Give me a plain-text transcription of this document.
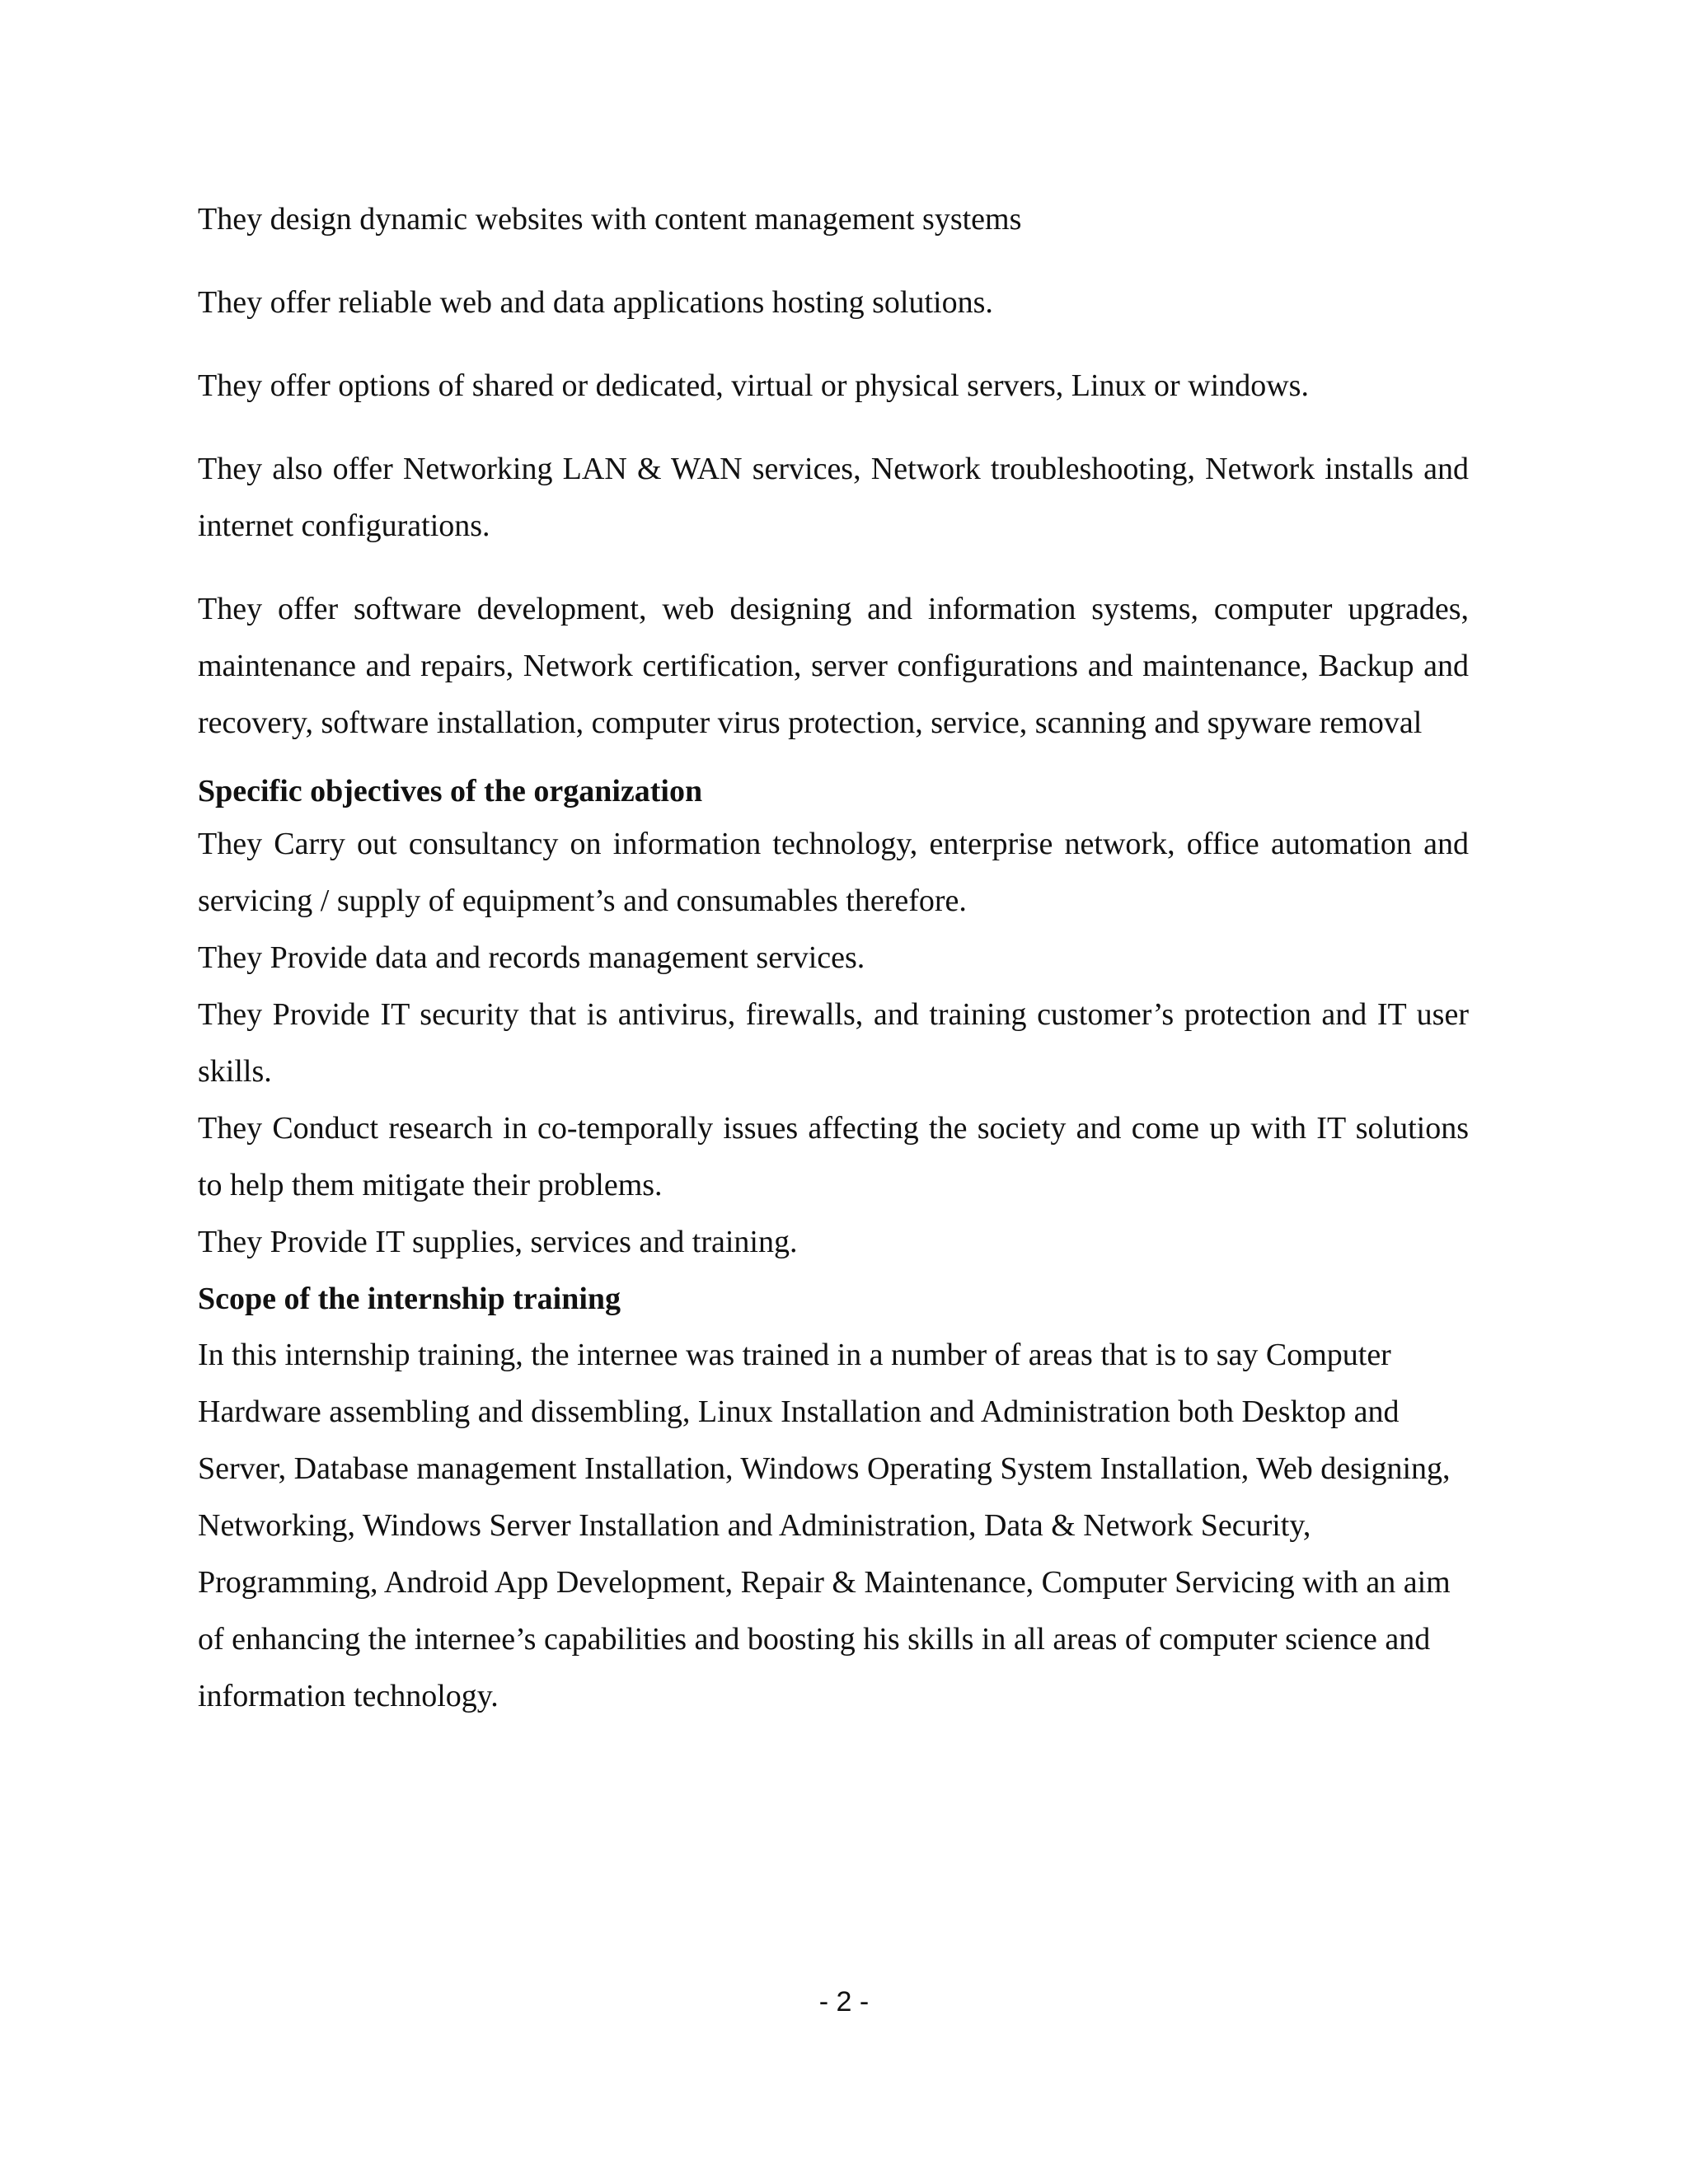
They design dynamic websites with content management systems

They offer reliable web and data applications hosting solutions.

They offer options of shared or dedicated, virtual or physical servers, Linux or windows.

They also offer Networking LAN & WAN services, Network troubleshooting, Network installs and internet configurations.

They offer software development, web designing and information systems, computer upgrades, maintenance and repairs, Network certification, server configurations and maintenance, Backup and recovery, software installation, computer virus protection, service, scanning and spyware removal

Specific objectives of the organization

They Carry out consultancy on information technology, enterprise network, office automation and servicing / supply of equipment’s and consumables therefore.

They Provide data and records management services.

They Provide IT security that is antivirus, firewalls, and training customer’s protection and IT user skills.

They Conduct research in co-temporally issues affecting the society and come up with IT solutions to help them mitigate their problems.

They Provide IT supplies, services and training.

Scope of the internship training

In this internship training, the internee was trained in a number of areas that is to say Computer Hardware assembling and dissembling, Linux Installation and Administration both Desktop and Server, Database management Installation, Windows Operating System Installation, Web designing, Networking, Windows Server Installation and Administration, Data & Network Security, Programming, Android App Development, Repair & Maintenance, Computer Servicing with an aim of enhancing the internee’s capabilities and boosting his skills in all areas of computer science and information technology.

- 2 -
